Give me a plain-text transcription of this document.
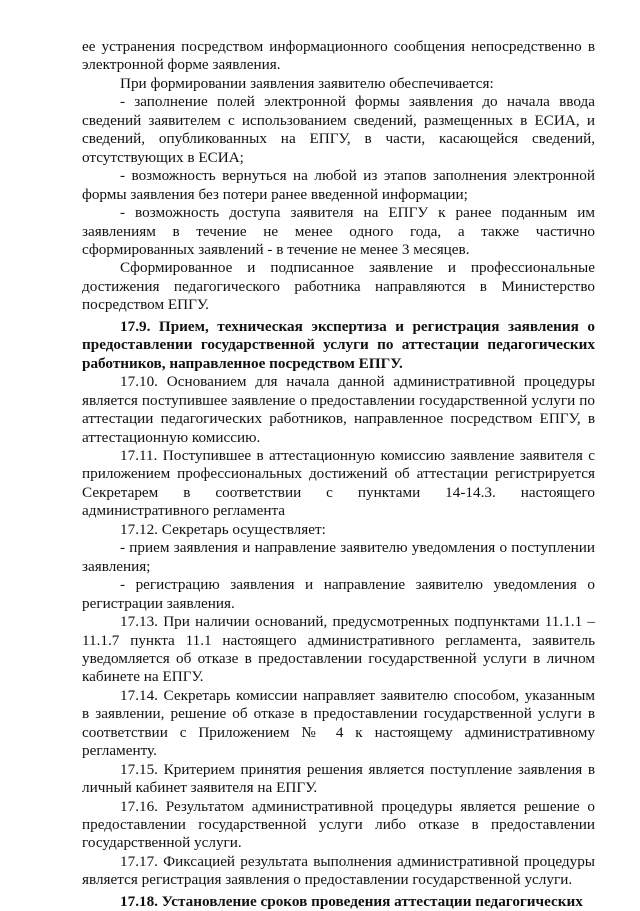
ее устранения посредством информационного сообщения непосредственно в электронной форме заявления.

При формировании заявления заявителю обеспечивается:

- заполнение полей электронной формы заявления до начала ввода сведений заявителем с использованием сведений, размещенных в ЕСИА, и сведений, опубликованных на ЕПГУ, в части, касающейся сведений, отсутствующих в ЕСИА;

- возможность вернуться на любой из этапов заполнения электронной формы заявления без потери ранее введенной информации;

- возможность доступа заявителя на ЕПГУ к ранее поданным им заявлениям в течение не менее одного года, а также частично сформированных заявлений - в течение не менее 3 месяцев.

Сформированное и подписанное заявление и профессиональные достижения педагогического работника направляются в Министерство посредством ЕПГУ.

17.9. Прием, техническая экспертиза и регистрация заявления о предоставлении государственной услуги по аттестации педагогических работников, направленное посредством ЕПГУ.

17.10. Основанием для начала данной административной процедуры является поступившее заявление о предоставлении государственной услуги по аттестации педагогических работников, направленное посредством ЕПГУ, в аттестационную комиссию.

17.11. Поступившее в аттестационную комиссию заявление заявителя с приложением профессиональных достижений об аттестации регистрируется Секретарем в соответствии с пунктами 14-14.3. настоящего административного регламента

17.12. Секретарь осуществляет:

- прием заявления и направление заявителю уведомления о поступлении заявления;

- регистрацию заявления и направление заявителю уведомления о регистрации заявления.

17.13. При наличии оснований, предусмотренных подпунктами 11.1.1 – 11.1.7 пункта 11.1 настоящего административного регламента, заявитель уведомляется об отказе в предоставлении государственной услуги в личном кабинете на ЕПГУ.

17.14. Секретарь комиссии направляет заявителю способом, указанным в заявлении, решение об отказе в предоставлении государственной услуги в соответствии с Приложением № 4 к настоящему административному регламенту.

17.15. Критерием принятия решения является поступление заявления в личный кабинет заявителя на ЕПГУ.

17.16. Результатом административной процедуры является решение о предоставлении государственной услуги либо отказе в предоставлении государственной услуги.

17.17. Фиксацией результата выполнения административной процедуры является регистрация заявления о предоставлении государственной услуги.

17.18. Установление сроков проведения аттестации педагогических
